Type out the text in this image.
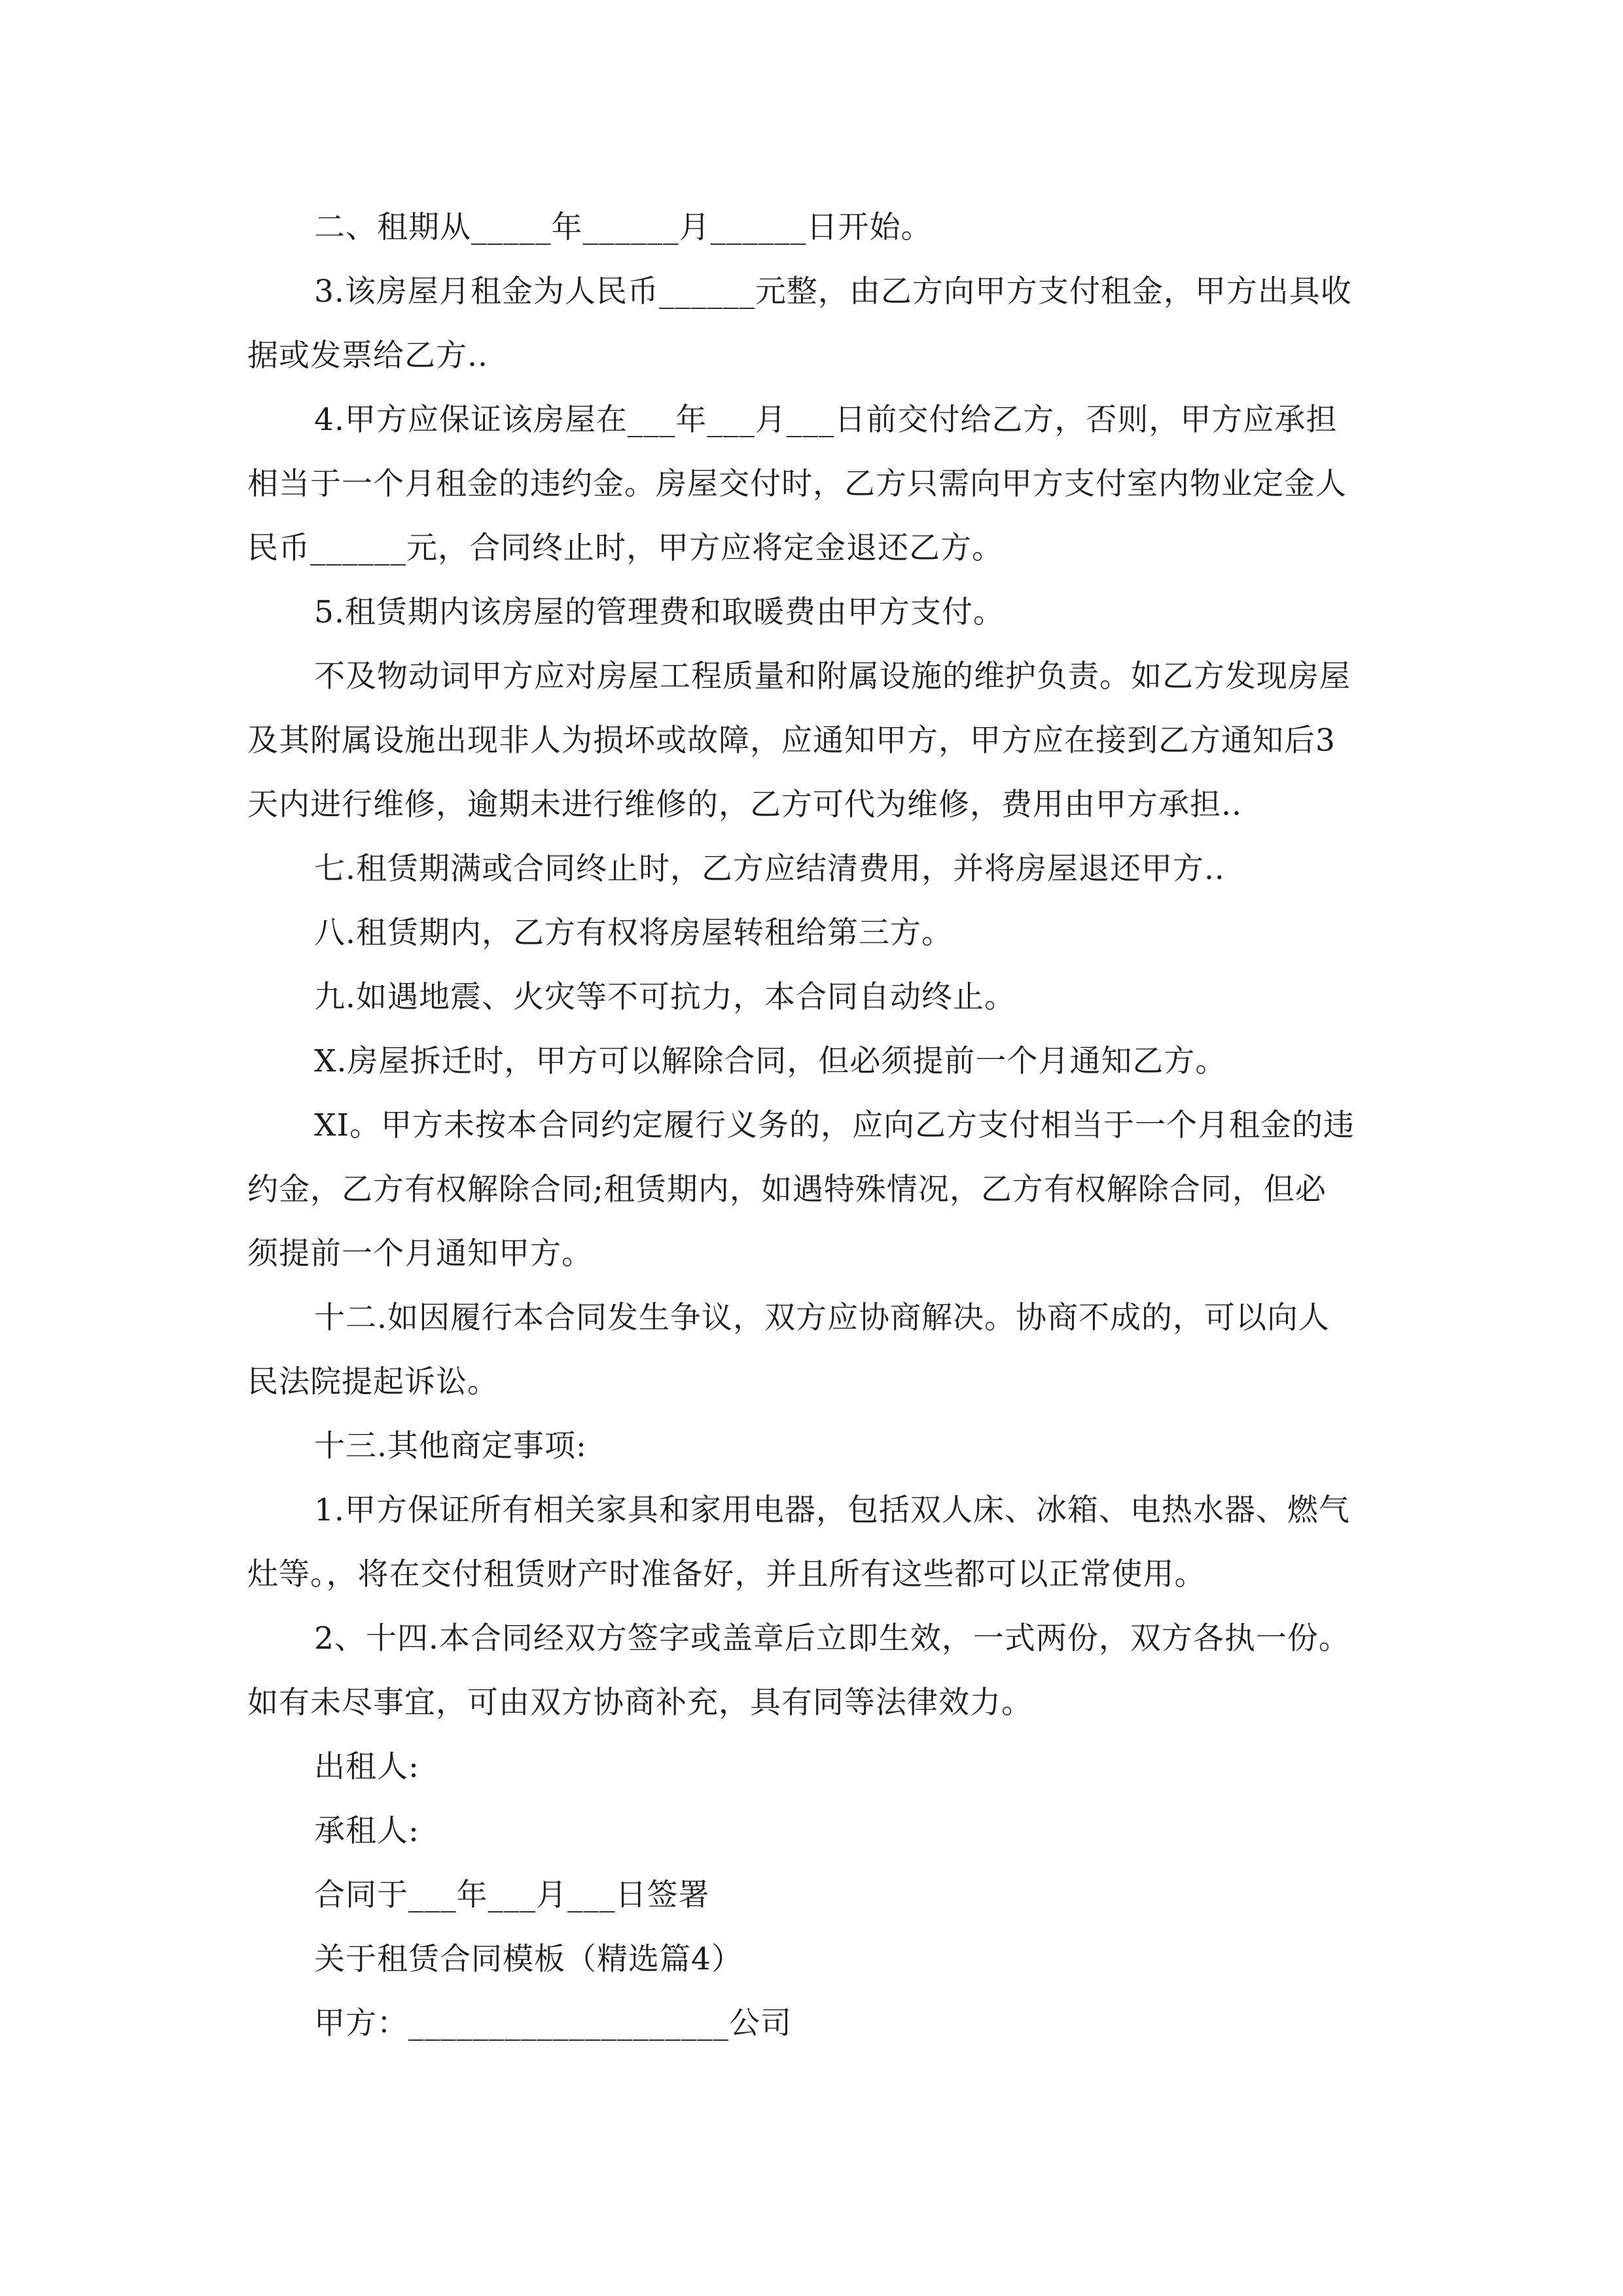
二、租期从_____年______月______日开始。
3.该房屋月租金为人民币______元整，由乙方向甲方支付租金，甲方出具收
据或发票给乙方..
4.甲方应保证该房屋在___年___月___日前交付给乙方，否则，甲方应承担
相当于一个月租金的违约金。房屋交付时，乙方只需向甲方支付室内物业定金人
民币______元，合同终止时，甲方应将定金退还乙方。
5.租赁期内该房屋的管理费和取暖费由甲方支付。
不及物动词甲方应对房屋工程质量和附属设施的维护负责。如乙方发现房屋
及其附属设施出现非人为损坏或故障，应通知甲方，甲方应在接到乙方通知后3
天内进行维修，逾期未进行维修的，乙方可代为维修，费用由甲方承担..
七.租赁期满或合同终止时，乙方应结清费用，并将房屋退还甲方..
八.租赁期内，乙方有权将房屋转租给第三方。
九.如遇地震、火灾等不可抗力，本合同自动终止。
X.房屋拆迁时，甲方可以解除合同，但必须提前一个月通知乙方。
XI。甲方未按本合同约定履行义务的，应向乙方支付相当于一个月租金的违
约金，乙方有权解除合同;租赁期内，如遇特殊情况，乙方有权解除合同，但必
须提前一个月通知甲方。
十二.如因履行本合同发生争议，双方应协商解决。协商不成的，可以向人
民法院提起诉讼。
十三.其他商定事项:
1.甲方保证所有相关家具和家用电器，包括双人床、冰箱、电热水器、燃气
灶等。，将在交付租赁财产时准备好，并且所有这些都可以正常使用。
2、十四.本合同经双方签字或盖章后立即生效，一式两份，双方各执一份。
如有未尽事宜，可由双方协商补充，具有同等法律效力。
出租人:
承租人:
合同于___年___月___日签署
关于租赁合同模板（精选篇4）
甲方：____________________公司
